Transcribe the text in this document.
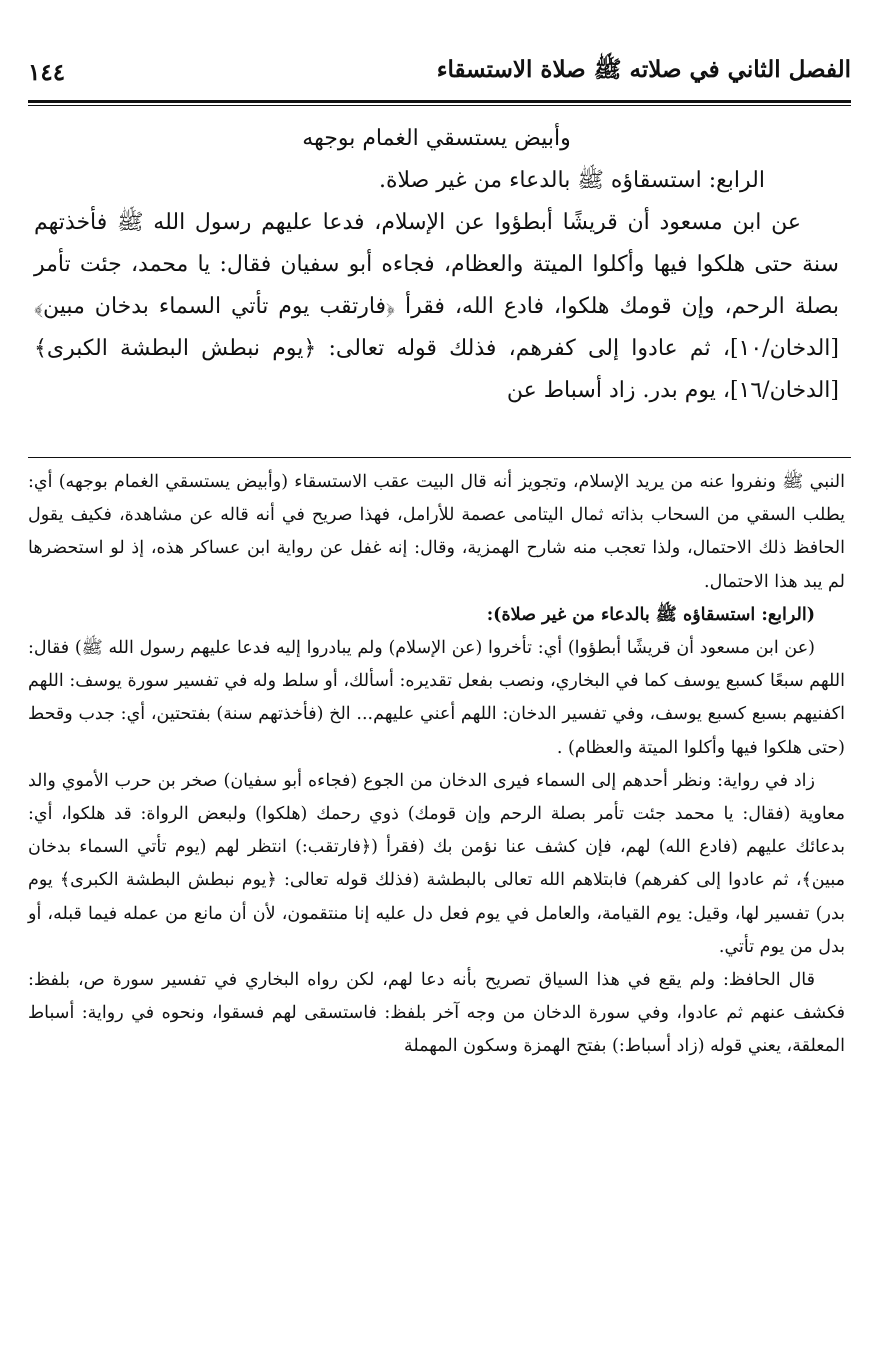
الفصل الثاني في صلاته ﷺ صلاة الاستسقاء
١٤٤

وأبيض يستسقي الغمام بوجهه

الرابع: استسقاؤه ﷺ بالدعاء من غير صلاة.

عن ابن مسعود أن قريشًا أبطؤوا عن الإسلام، فدعا عليهم رسول الله ﷺ فأخذتهم سنة حتى هلكوا فيها وأكلوا الميتة والعظام، فجاءه أبو سفيان فقال: يا محمد، جئت تأمر بصلة الرحم، وإن قومك هلكوا، فادع الله، فقرأ ﴿فارتقب يوم تأتي السماء بدخان مبين﴾ [الدخان/١٠]، ثم عادوا إلى كفرهم، فذلك قوله تعالى: ﴿يوم نبطش البطشة الكبرى﴾ [الدخان/١٦]، يوم بدر. زاد أسباط عن

النبي ﷺ ونفروا عنه من يريد الإسلام، وتجويز أنه قال البيت عقب الاستسقاء (وأبيض يستسقي الغمام بوجهه) أي: يطلب السقي من السحاب بذاته ثمال اليتامى عصمة للأرامل، فهذا صريح في أنه قاله عن مشاهدة، فكيف يقول الحافظ ذلك الاحتمال، ولذا تعجب منه شارح الهمزية، وقال: إنه غفل عن رواية ابن عساكر هذه، إذ لو استحضرها لم يبد هذا الاحتمال.

(الرابع: استسقاؤه ﷺ بالدعاء من غير صلاة):

(عن ابن مسعود أن قريشًا أبطؤوا) أي: تأخروا (عن الإسلام) ولم يبادروا إليه فدعا عليهم رسول الله ﷺ) فقال: اللهم سبعًا كسبع يوسف كما في البخاري، ونصب بفعل تقديره: أسألك، أو سلط وله في تفسير سورة يوسف: اللهم اكفنيهم بسبع كسبع يوسف، وفي تفسير الدخان: اللهم أعني عليهم... الخ (فأخذتهم سنة) بفتحتين، أي: جدب وقحط (حتى هلكوا فيها وأكلوا الميتة والعظام) .

زاد في رواية: ونظر أحدهم إلى السماء فيرى الدخان من الجوع (فجاءه أبو سفيان) صخر بن حرب الأموي والد معاوية (فقال: يا محمد جئت تأمر بصلة الرحم وإن قومك) ذوي رحمك (هلكوا) ولبعض الرواة: قد هلكوا، أي: بدعائك عليهم (فادع الله) لهم، فإن كشف عنا نؤمن بك (فقرأ (﴿فارتقب:) انتظر لهم (يوم تأتي السماء بدخان مبين﴾، ثم عادوا إلى كفرهم) فابتلاهم الله تعالى بالبطشة (فذلك قوله تعالى: ﴿يوم نبطش البطشة الكبرى﴾ يوم بدر) تفسير لها، وقيل: يوم القيامة، والعامل في يوم فعل دل عليه إنا منتقمون، لأن أن مانع من عمله فيما قبله، أو بدل من يوم تأتي.

قال الحافظ: ولم يقع في هذا السياق تصريح بأنه دعا لهم، لكن رواه البخاري في تفسير سورة ص، بلفظ: فكشف عنهم ثم عادوا، وفي سورة الدخان من وجه آخر بلفظ: فاستسقى لهم فسقوا، ونحوه في رواية: أسباط المعلقة، يعني قوله (زاد أسباط:) بفتح الهمزة وسكون المهملة
